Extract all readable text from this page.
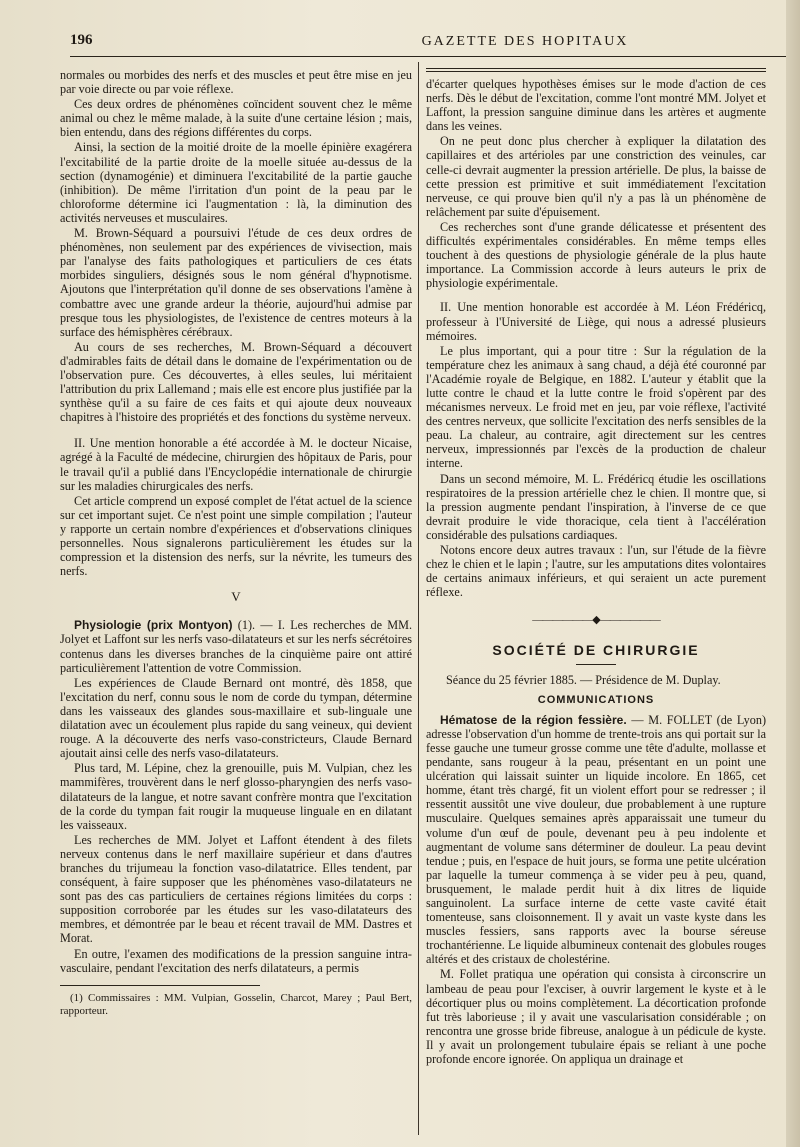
196	GAZETTE DES HOPITAUX

normales ou morbides des nerfs et des muscles et peut être mise en jeu par voie directe ou par voie réflexe.

Ces deux ordres de phénomènes coïncident souvent chez le même animal ou chez le même malade, à la suite d'une certaine lésion ; mais, bien entendu, dans des régions différentes du corps.

Ainsi, la section de la moitié droite de la moelle épinière exagérera l'excitabilité de la partie droite de la moelle située au-dessus de la section (dynamogénie) et diminuera l'excitabilité de la partie gauche (inhibition). De même l'irritation d'un point de la peau par le chloroforme détermine ici l'augmentation : là, la diminution des activités nerveuses et musculaires.

M. Brown-Séquard a poursuivi l'étude de ces deux ordres de phénomènes, non seulement par des expériences de vivisection, mais par l'analyse des faits pathologiques et particuliers de ces états morbides singuliers, désignés sous le nom général d'hypnotisme. Ajoutons que l'interprétation qu'il donne de ses observations l'amène à combattre avec une grande ardeur la théorie, aujourd'hui admise par presque tous les physiologistes, de l'existence de centres moteurs à la surface des hémisphères cérébraux.

Au cours de ses recherches, M. Brown-Séquard a découvert d'admirables faits de détail dans le domaine de l'expérimentation ou de l'observation pure. Ces découvertes, à elles seules, lui méritaient l'attribution du prix Lallemand ; mais elle est encore plus justifiée par la synthèse qu'il a su faire de ces faits et qui ajoute deux nouveaux chapitres à l'histoire des propriétés et des fonctions du système nerveux.

II. Une mention honorable a été accordée à M. le docteur Nicaise, agrégé à la Faculté de médecine, chirurgien des hôpitaux de Paris, pour le travail qu'il a publié dans l'Encyclopédie internationale de chirurgie sur les maladies chirurgicales des nerfs.

Cet article comprend un exposé complet de l'état actuel de la science sur cet important sujet. Ce n'est point une simple compilation ; l'auteur y rapporte un certain nombre d'expériences et d'observations cliniques personnelles. Nous signalerons particulièrement les études sur la compression et la distension des nerfs, sur la névrite, les tumeurs des nerfs.

V

Physiologie (prix Montyon) (1). — I. Les recherches de MM. Jolyet et Laffont sur les nerfs vaso-dilatateurs et sur les nerfs sécrétoires contenus dans les diverses branches de la cinquième paire ont attiré particulièrement l'attention de votre Commission.

Les expériences de Claude Bernard ont montré, dès 1858, que l'excitation du nerf, connu sous le nom de corde du tympan, détermine dans les vaisseaux des glandes sous-maxillaire et sub-linguale une dilatation avec un écoulement plus rapide du sang veineux, qui devient rouge. A la découverte des nerfs vaso-constricteurs, Claude Bernard ajoutait ainsi celle des nerfs vaso-dilatateurs.

Plus tard, M. Lépine, chez la grenouille, puis M. Vulpian, chez les mammifères, trouvèrent dans le nerf glosso-pharyngien des nerfs vaso-dilatateurs de la langue, et notre savant confrère montra que l'excitation de la corde du tympan fait rougir la muqueuse linguale en en dilatant les vaisseaux.

Les recherches de MM. Jolyet et Laffont étendent à des filets nerveux contenus dans le nerf maxillaire supérieur et dans d'autres branches du trijumeau la fonction vaso-dilatatrice. Elles tendent, par conséquent, à faire supposer que les phénomènes vaso-dilatateurs ne sont pas des cas particuliers de certaines régions limitées du corps : supposition corroborée par les études sur les vaso-dilatateurs des membres, et démontrée par le beau et récent travail de MM. Dastres et Morat.

En outre, l'examen des modifications de la pression sanguine intra-vasculaire, pendant l'excitation des nerfs dilatateurs, a permis

(1) Commissaires : MM. Vulpian, Gosselin, Charcot, Marey ; Paul Bert, rapporteur.

d'écarter quelques hypothèses émises sur le mode d'action de ces nerfs. Dès le début de l'excitation, comme l'ont montré MM. Jolyet et Laffont, la pression sanguine diminue dans les artères et augmente dans les veines.

On ne peut donc plus chercher à expliquer la dilatation des capillaires et des artérioles par une constriction des veinules, car celle-ci devrait augmenter la pression artérielle. De plus, la baisse de cette pression est primitive et suit immédiatement l'excitation nerveuse, ce qui prouve bien qu'il n'y a pas là un phénomène de relâchement par suite d'épuisement.

Ces recherches sont d'une grande délicatesse et présentent des difficultés expérimentales considérables. En même temps elles touchent à des questions de physiologie générale de la plus haute importance. La Commission accorde à leurs auteurs le prix de physiologie expérimentale.

II. Une mention honorable est accordée à M. Léon Frédéricq, professeur à l'Université de Liège, qui nous a adressé plusieurs mémoires.

Le plus important, qui a pour titre : Sur la régulation de la température chez les animaux à sang chaud, a déjà été couronné par l'Académie royale de Belgique, en 1882. L'auteur y établit que la lutte contre le chaud et la lutte contre le froid s'opèrent par des mécanismes nerveux. Le froid met en jeu, par voie réflexe, l'activité des centres nerveux, que sollicite l'excitation des nerfs sensibles de la peau. La chaleur, au contraire, agit directement sur les centres nerveux, impressionnés par l'excès de la production de chaleur interne.

Dans un second mémoire, M. L. Frédéricq étudie les oscillations respiratoires de la pression artérielle chez le chien. Il montre que, si la pression augmente pendant l'inspiration, à l'inverse de ce que devrait produire le vide thoracique, cela tient à l'accélération considérable des pulsations cardiaques.

Notons encore deux autres travaux : l'un, sur l'étude de la fièvre chez le chien et le lapin ; l'autre, sur les amputations dites volontaires de certains animaux inférieurs, et qui seraient un acte purement réflexe.

——————◆——————
SOCIÉTÉ DE CHIRURGIE

Séance du 25 février 1885. — Présidence de M. Duplay.

COMMUNICATIONS

Hématose de la région fessière. — M. FOLLET (de Lyon) adresse l'observation d'un homme de trente-trois ans qui portait sur la fesse gauche une tumeur grosse comme une tête d'adulte, mollasse et pendante, sans rougeur à la peau, présentant en un point une ulcération qui laissait suinter un liquide incolore. En 1865, cet homme, étant très chargé, fit un violent effort pour se redresser ; il ressentit aussitôt une vive douleur, due probablement à une rupture musculaire. Quelques semaines après apparaissait une tumeur du volume d'un œuf de poule, devenant peu à peu indolente et augmentant de volume sans déterminer de douleur. La peau devint tendue ; puis, en l'espace de huit jours, se forma une petite ulcération par laquelle la tumeur commença à se vider peu à peu, quand, brusquement, le malade perdit huit à dix litres de liquide sanguinolent. La surface interne de cette vaste cavité était tomenteuse, sans cloisonnement. Il y avait un vaste kyste dans les muscles fessiers, sans rapports avec la bourse séreuse trochantérienne. Le liquide albumineux contenait des globules rouges altérés et des cristaux de cholestérine.

M. Follet pratiqua une opération qui consista à circonscrire un lambeau de peau pour l'exciser, à ouvrir largement le kyste et à le décortiquer plus ou moins complètement. La décortication profonde fut très laborieuse ; il y avait une vascularisation considérable ; on rencontra une grosse bride fibreuse, analogue à un pédicule de kyste. Il y avait un prolongement tubulaire épais se reliant à une poche profonde encore ignorée. On appliqua un drainage et
